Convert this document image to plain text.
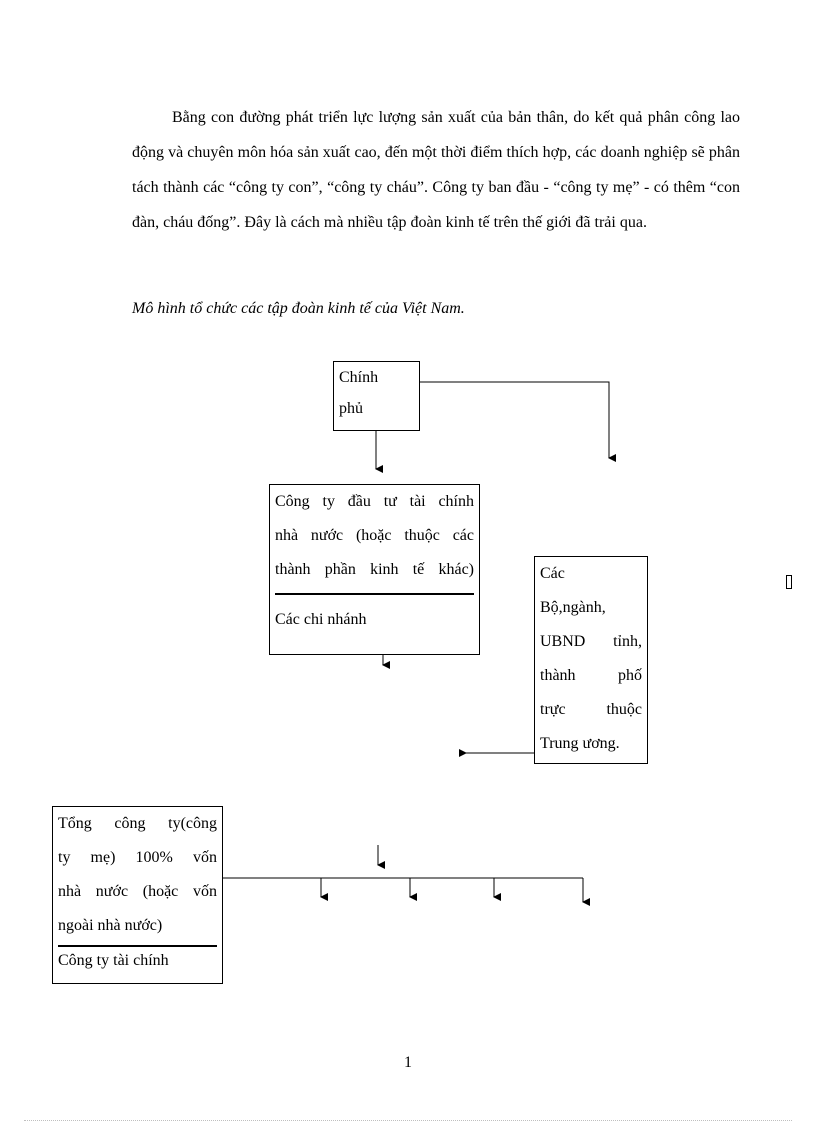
Bằng con đường phát triển lực lượng sản xuất của bản thân, do kết quả phân công lao động và chuyên môn hóa sản xuất cao, đến một thời điểm thích hợp, các doanh nghiệp sẽ phân tách thành các “công ty con”, “công ty cháu”. Công ty ban đầu - “công ty mẹ” - có thêm “con đàn, cháu đống”. Đây là cách mà nhiều tập đoàn kinh tế trên thế giới đã trải qua.

Mô hình tổ chức các tập đoàn kinh tế của Việt Nam.

Chính
phủ
Công ty đầu tư tài chính
nhà nước (hoặc thuộc các
thành phần kinh tế khác)
Các chi nhánh
Các
Bộ,ngành,
UBND tỉnh,
thành phố
trực thuộc
Trung ương.
Tổng công ty(công
ty mẹ) 100% vốn
nhà nước (hoặc vốn
ngoài nhà nước)
Công ty tài chính
1
